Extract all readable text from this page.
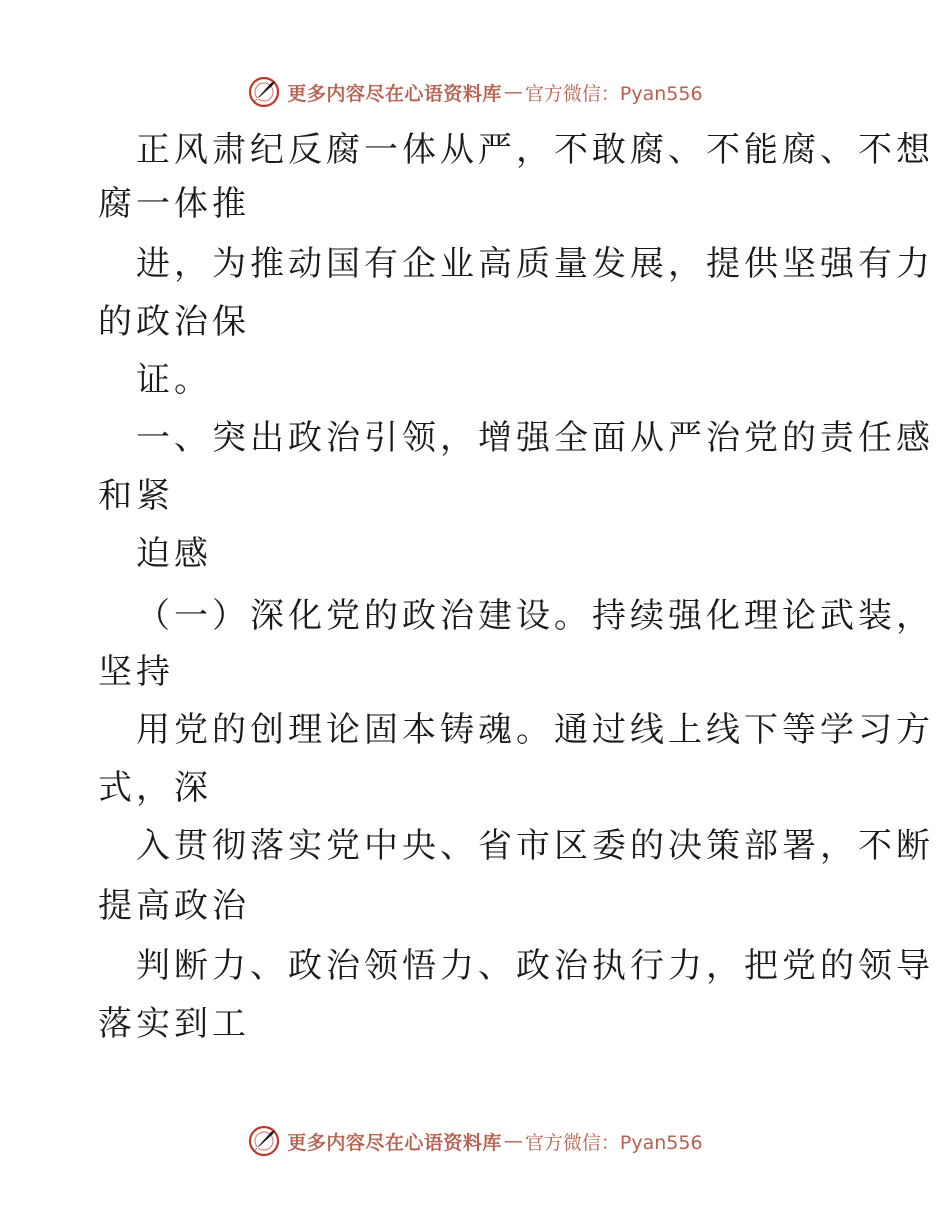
更多内容尽在心语资料库 — 官方微信：Pyan556
正风肃纪反腐一体从严，不敢腐、不能腐、不想
腐一体推
进，为推动国有企业高质量发展，提供坚强有力
的政治保
证。
一、突出政治引领，增强全面从严治党的责任感
和紧
迫感
（一）深化党的政治建设。持续强化理论武装，
坚持
用党的创理论固本铸魂。通过线上线下等学习方
式，深
入贯彻落实党中央、省市区委的决策部署，不断
提高政治
判断力、政治领悟力、政治执行力，把党的领导
落实到工
更多内容尽在心语资料库 — 官方微信：Pyan556
